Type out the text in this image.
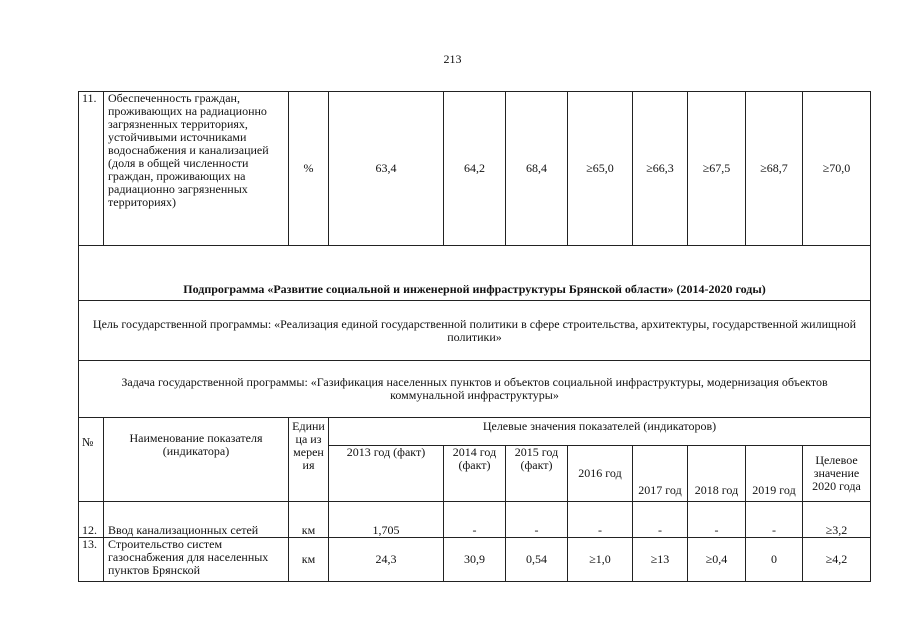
213
11.	Обеспеченность граждан, проживающих на радиационно загрязненных территориях, устойчивыми источниками водоснабжения и канализацией (доля в общей численности граждан, проживающих на радиационно загрязненных территориях)	%	63,4	64,2	68,4	≥65,0	≥66,3	≥67,5	≥68,7	≥70,0
Подпрограмма «Развитие социальной и инженерной инфраструктуры Брянской области» (2014-2020 годы)										
Цель государственной программы: «Реализация единой государственной политики в сфере строительства, архитектуры, государственной жилищной политики»										
Задача государственной программы: «Газификация населенных пунктов и объектов социальной инфраструктуры, модернизация объектов коммунальной инфраструктуры»										
№	Наименование показателя (индикатора)	Единица измерения	Целевые значения показателей (индикаторов)							
			2013 год (факт)	2014 год (факт)	2015 год (факт)	2016 год	2017 год	2018 год	2019 год	Целевое значение 2020 года
12.	Ввод канализационных сетей	км	1,705	-	-	-	-	-	-	≥3,2
13.	Строительство систем газоснабжения для населенных пунктов Брянской	км	24,3	30,9	0,54	≥1,0	≥13	≥0,4	0	≥4,2
